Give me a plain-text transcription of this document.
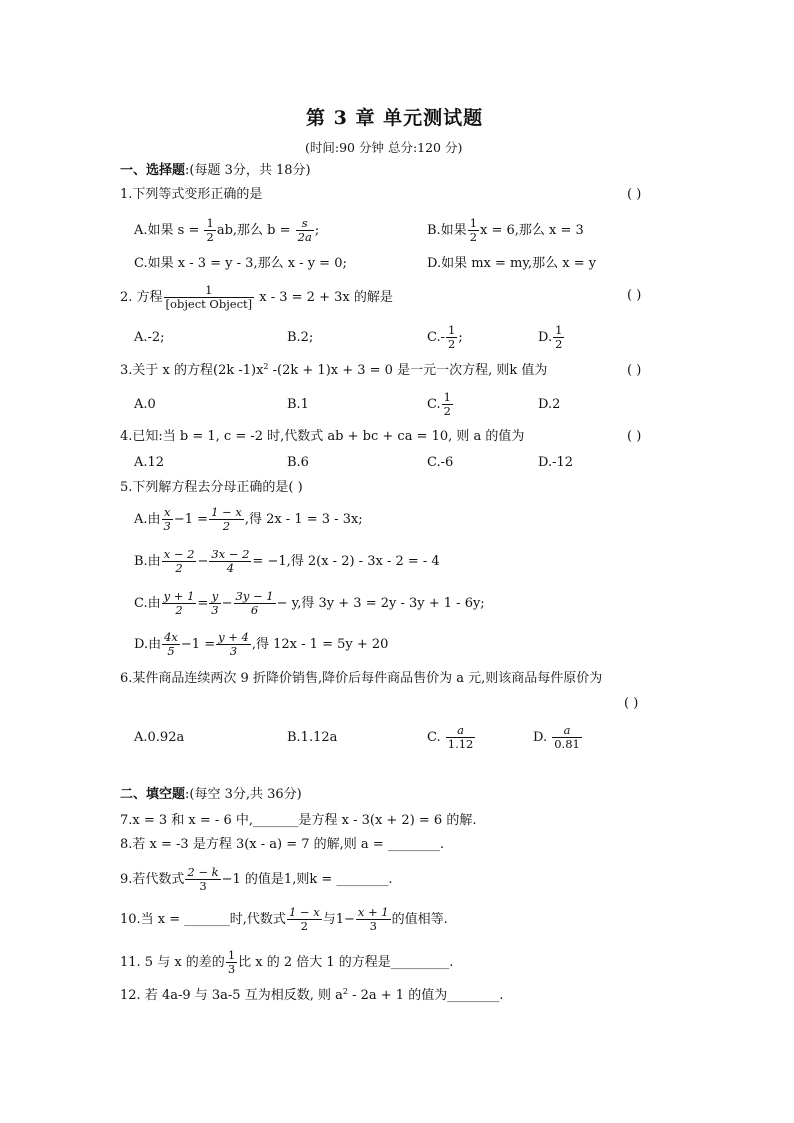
第 3 章 单元测试题
(时间:90 分钟 总分:120 分)
一、选择题:(每题 3分，共 18分)
1.下列等式变形正确的是	( )
A.如果 $s = \frac{1}{2}$ ab,那么 $b = \frac{s}{2a}$ ;	B.如果 $\frac{1}{2}$ x = 6,那么 x = 3
C.如果 x - 3 = y - 3,那么 x - y = 0;	D.如果 mx = my,那么 x = y
2. 方程 $\frac{1}{\text{[object Object]}}$ x - 3 = 2 + 3x 的解是	( )
A.-2;	B.2;	$C.- \frac{1}{2}$ ;	D. $\frac{1}{2}$
3.关于 x 的方程(2k $-1)x^2$ -(2k + 1)x + 3 = 0 是一元一次方程, 则k 值为	( )
A.0	B.1	C. $\frac{1}{2}$	D.2
4.已知:当 b = 1, c = -2 时,代数式 ab + bc + ca = 10, 则 a 的值为	( )
A.12	B.6	C.-6	D.-12
5.下列解方程去分母正确的是( )
A.由 $\frac{x}{3} -1 = \frac{1 - x}{2}$ ,得 2x - 1 = 3 - 3x;
B.由 $\frac{x - 2}{2} - \frac{3x - 2}{4} = -1$,得 2(x - 2) - 3x - 2 = - 4
C.由 $\frac{y + 1}{2} = \frac{y}{3} - \frac{3y - 1}{6} - y$,得 3y + 3 = 2y - 3y + 1 - 6y;
D.由 $\frac{4x}{5} -1 = \frac{y + 4}{3}$ ,得 12x - 1 = 5y + 20
6.某件商品连续两次 9 折降价销售,降价后每件商品售价为 a 元,则该商品每件原价为
( )
A.0.92a	B.1.12a	C. $\frac{a}{1.12}$	D. $\frac{a}{0.81}$
二、填空题:(每空 3分,共 36分)
7.x = 3 和 x = - 6 中,_______是方程 x - 3(x + 2) = 6 的解.
8.若 x = -3 是方程 3(x - a) = 7 的解,则 a = ________.
9.若代数式 $\frac{2 - k}{3} -1$ 的值是1,则k = ________.
10.当 x = _______时,代数式 $\frac{1 - x}{2}$ 与$1- \frac{x + 1}{3}$ 的值相等.
11. 5 与 x 的差的 $\frac{1}{3}$ 比 x 的 2 倍大 1 的方程是_________.
12. 若 4a-9 与 3a-5 互为相反数, 则 $a^2 - 2a + 1$ 的值为________.
